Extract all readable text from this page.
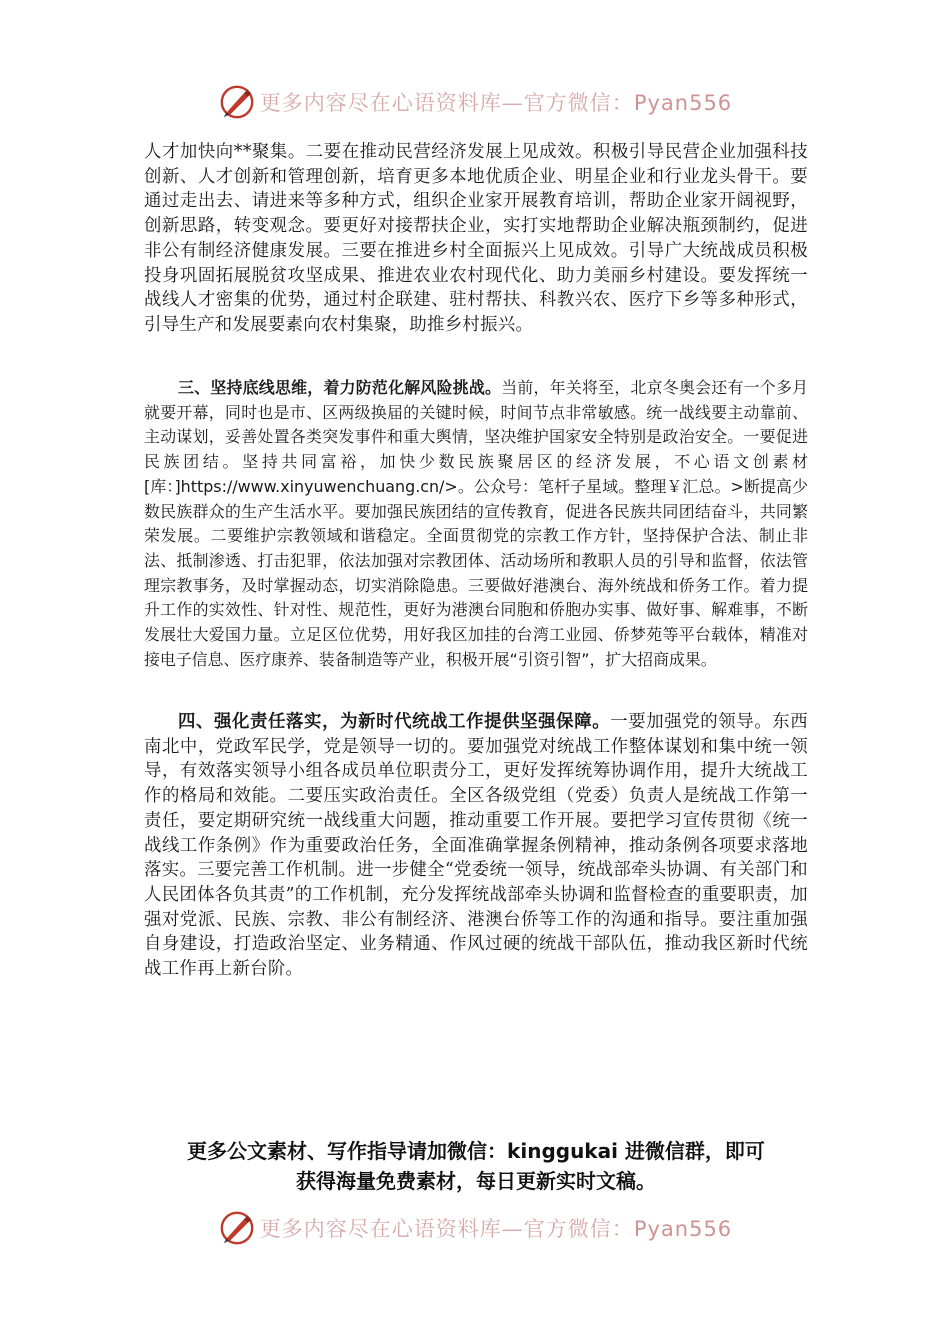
更多内容尽在心语资料库—官方微信：Pyan556

人才加快向**聚集。二要在推动民营经济发展上见成效。积极引导民营企业加强科技创新、人才创新和管理创新，培育更多本地优质企业、明星企业和行业龙头骨干。要通过走出去、请进来等多种方式，组织企业家开展教育培训，帮助企业家开阔视野，创新思路，转变观念。要更好对接帮扶企业，实打实地帮助企业解决瓶颈制约，促进非公有制经济健康发展。三要在推进乡村全面振兴上见成效。引导广大统战成员积极投身巩固拓展脱贫攻坚成果、推进农业农村现代化、助力美丽乡村建设。要发挥统一战线人才密集的优势，通过村企联建、驻村帮扶、科教兴农、医疗下乡等多种形式，引导生产和发展要素向农村集聚，助推乡村振兴。

三、坚持底线思维，着力防范化解风险挑战。当前，年关将至，北京冬奥会还有一个多月就要开幕，同时也是市、区两级换届的关键时候，时间节点非常敏感。统一战线要主动靠前、主动谋划，妥善处置各类突发事件和重大舆情，坚决维护国家安全特别是政治安全。一要促进民族团结。坚持共同富裕，加快少数民族聚居区的经济发展，不心语文创素材[库：]https://www.xinyuwenchuang.cn/>。公众号：笔杆子星域。整理￥汇总。>断提高少数民族群众的生产生活水平。要加强民族团结的宣传教育，促进各民族共同团结奋斗，共同繁荣发展。二要维护宗教领域和谐稳定。全面贯彻党的宗教工作方针，坚持保护合法、制止非法、抵制渗透、打击犯罪，依法加强对宗教团体、活动场所和教职人员的引导和监督，依法管理宗教事务，及时掌握动态，切实消除隐患。三要做好港澳台、海外统战和侨务工作。着力提升工作的实效性、针对性、规范性，更好为港澳台同胞和侨胞办实事、做好事、解难事，不断发展壮大爱国力量。立足区位优势，用好我区加挂的台湾工业园、侨梦苑等平台载体，精准对接电子信息、医疗康养、装备制造等产业，积极开展“引资引智”，扩大招商成果。

四、强化责任落实，为新时代统战工作提供坚强保障。一要加强党的领导。东西南北中，党政军民学，党是领导一切的。要加强党对统战工作整体谋划和集中统一领导，有效落实领导小组各成员单位职责分工，更好发挥统筹协调作用，提升大统战工作的格局和效能。二要压实政治责任。全区各级党组（党委）负责人是统战工作第一责任，要定期研究统一战线重大问题，推动重要工作开展。要把学习宣传贯彻《统一战线工作条例》作为重要政治任务，全面准确掌握条例精神，推动条例各项要求落地落实。三要完善工作机制。进一步健全“党委统一领导，统战部牵头协调、有关部门和人民团体各负其责”的工作机制，充分发挥统战部牵头协调和监督检查的重要职责，加强对党派、民族、宗教、非公有制经济、港澳台侨等工作的沟通和指导。要注重加强自身建设，打造政治坚定、业务精通、作风过硬的统战干部队伍，推动我区新时代统战工作再上新台阶。

更多公文素材、写作指导请加微信：kinggukai 进微信群，即可
获得海量免费素材，每日更新实时文稿。
更多内容尽在心语资料库—官方微信：Pyan556
